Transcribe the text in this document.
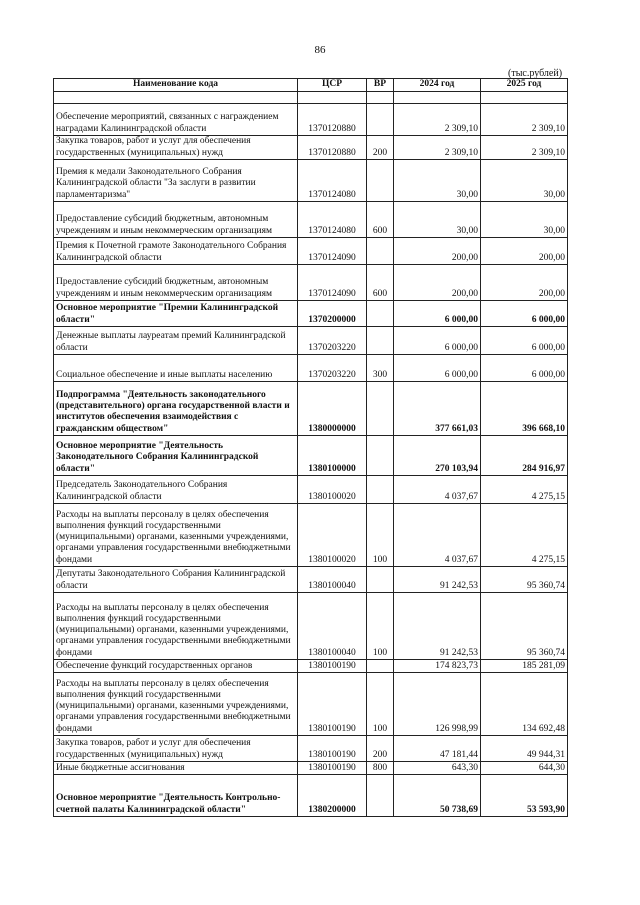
86
(тыс.рублей)
Наименование кода	ЦСР	ВР	2024 год	2025 год

Обеспечение мероприятий, связанных с награждением наградами Калининградской области	1370120880		2 309,10	2 309,10
Закупка товаров, работ и услуг для обеспечения государственных (муниципальных) нужд	1370120880	200	2 309,10	2 309,10
Премия к медали Законодательного Собрания Калининградской области "За заслуги в развитии парламентаризма"	1370124080		30,00	30,00
Предоставление субсидий бюджетным, автономным учреждениям и иным некоммерческим организациям	1370124080	600	30,00	30,00
Премия к Почетной грамоте Законодательного Собрания Калининградской области	1370124090		200,00	200,00
Предоставление субсидий бюджетным, автономным учреждениям и иным некоммерческим организациям	1370124090	600	200,00	200,00
Основное мероприятие "Премии Калининградской области"	1370200000		6 000,00	6 000,00
Денежные выплаты лауреатам премий Калининградской области	1370203220		6 000,00	6 000,00
Социальное обеспечение и иные выплаты населению	1370203220	300	6 000,00	6 000,00
Подпрограмма "Деятельность законодательного (представительного) органа государственной власти и институтов обеспечения взаимодействия с гражданским обществом"	1380000000		377 661,03	396 668,10
Основное мероприятие "Деятельность Законодательного Собрания Калининградской области"	1380100000		270 103,94	284 916,97
Председатель Законодательного Собрания Калининградской области	1380100020		4 037,67	4 275,15
Расходы на выплаты персоналу в целях обеспечения выполнения функций государственными (муниципальными) органами, казенными учреждениями, органами управления государственными внебюджетными фондами	1380100020	100	4 037,67	4 275,15
Депутаты Законодательного Собрания Калининградской области	1380100040		91 242,53	95 360,74
Расходы на выплаты персоналу в целях обеспечения выполнения функций государственными (муниципальными) органами, казенными учреждениями, органами управления государственными внебюджетными фондами	1380100040	100	91 242,53	95 360,74
Обеспечение функций государственных органов	1380100190		174 823,73	185 281,09
Расходы на выплаты персоналу в целях обеспечения выполнения функций государственными (муниципальными) органами, казенными учреждениями, органами управления государственными внебюджетными фондами	1380100190	100	126 998,99	134 692,48
Закупка товаров, работ и услуг для обеспечения государственных (муниципальных) нужд	1380100190	200	47 181,44	49 944,31
Иные бюджетные ассигнования	1380100190	800	643,30	644,30
Основное мероприятие "Деятельность Контрольно-счетной палаты Калининградской области"	1380200000		50 738,69	53 593,90
